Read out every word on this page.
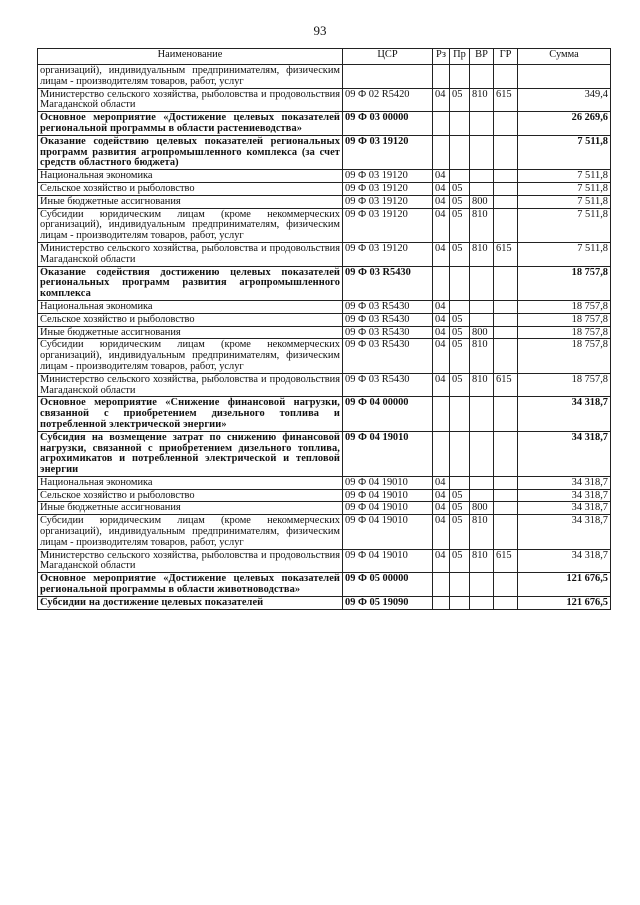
93
Наименование	ЦСР	Рз	Пр	ВР	ГР	Сумма
организаций), индивидуальным предпринимателям, физическим лицам - производителям товаров, работ, услуг						
Министерство сельского хозяйства, рыболовства и продовольствия Магаданской области	09 Ф 02 R5420	04	05	810	615	349,4
Основное мероприятие «Достижение целевых показателей региональной программы в области растениеводства»	09 Ф 03 00000					26 269,6
Оказание содействию целевых показателей региональных программ развития агропромышленного комплекса (за счет средств областного бюджета)	09 Ф 03 19120					7 511,8
Национальная экономика	09 Ф 03 19120	04				7 511,8
Сельское хозяйство и рыболовство	09 Ф 03 19120	04	05			7 511,8
Иные бюджетные ассигнования	09 Ф 03 19120	04	05	800		7 511,8
Субсидии юридическим лицам (кроме некоммерческих организаций), индивидуальным предпринимателям, физическим лицам - производителям товаров, работ, услуг	09 Ф 03 19120	04	05	810		7 511,8
Министерство сельского хозяйства, рыболовства и продовольствия Магаданской области	09 Ф 03 19120	04	05	810	615	7 511,8
Оказание содействия достижению целевых показателей региональных программ развития агропромышленного комплекса	09 Ф 03 R5430					18 757,8
Национальная экономика	09 Ф 03 R5430	04				18 757,8
Сельское хозяйство и рыболовство	09 Ф 03 R5430	04	05			18 757,8
Иные бюджетные ассигнования	09 Ф 03 R5430	04	05	800		18 757,8
Субсидии юридическим лицам (кроме некоммерческих организаций), индивидуальным предпринимателям, физическим лицам - производителям товаров, работ, услуг	09 Ф 03 R5430	04	05	810		18 757,8
Министерство сельского хозяйства, рыболовства и продовольствия Магаданской области	09 Ф 03 R5430	04	05	810	615	18 757,8
Основное мероприятие «Снижение финансовой нагрузки, связанной с приобретением дизельного топлива и потребленной электрической энергии»	09 Ф 04 00000					34 318,7
Субсидия на возмещение затрат по снижению финансовой нагрузки, связанной с приобретением дизельного топлива, агрохимикатов и потребленной электрической и тепловой энергии	09 Ф 04 19010					34 318,7
Национальная экономика	09 Ф 04 19010	04				34 318,7
Сельское хозяйство и рыболовство	09 Ф 04 19010	04	05			34 318,7
Иные бюджетные ассигнования	09 Ф 04 19010	04	05	800		34 318,7
Субсидии юридическим лицам (кроме некоммерческих организаций), индивидуальным предпринимателям, физическим лицам - производителям товаров, работ, услуг	09 Ф 04 19010	04	05	810		34 318,7
Министерство сельского хозяйства, рыболовства и продовольствия Магаданской области	09 Ф 04 19010	04	05	810	615	34 318,7
Основное мероприятие «Достижение целевых показателей региональной программы в области животноводства»	09 Ф 05 00000					121 676,5
Субсидии на достижение целевых показателей	09 Ф 05 19090					121 676,5
